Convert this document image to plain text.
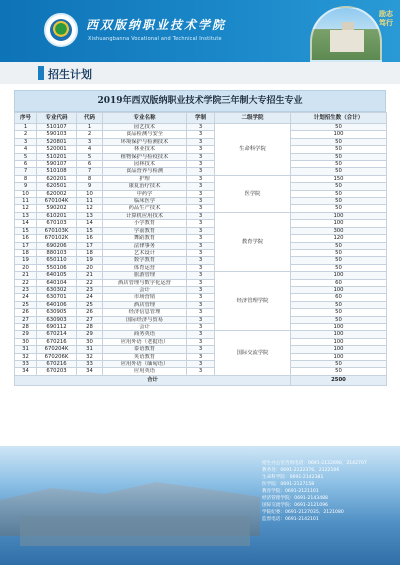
西双版纳职业技术学院
Xishuangbanna Vocational and Technical Institute
励志笃行
招生计划
2019年西双版纳职业技术学院三年制大专招生专业
序号	专业代码	代码	专业名称	学制	二级学院	计划招生数（合计）
1	510107	1	园艺技术	3	生命科学院	50
2	590103	2	食品检测与安全	3		100
3	520801	3	环境保护与检测技术	3		50
4	520001	4	林业技术	3		50
5	510201	5	植物保护与检疫技术	3		50
6	590107	6	园林技术	3		50
7	510108	7	食品营养与检测	3		50
8	620201	8	护理	3	医学院	150
9	620501	9	康复治疗技术	3		50
10	620002	10	中药学	3		50
11	670104K	11	临床医学	3		50
12	590202	12	药品生产技术	3		50
13	610201	13	计算机应用技术	3	教育学院	100
14	670103	14	小学教育	3		100
15	670103K	15	学前教育	3		300
16	670102K	16	舞蹈教育	3		120
17	690206	17	法律事务	3		50
18	880103	18	艺术设计	3		50
19	650110	19	数学教育	3		50
20	550106	20	体育运营	3		50
21	640105	21	旅游管理	3	经济管理学院	100
22	640104	22	酒店管理与数字化运营	3		60
23	630302	23	会计	3		100
24	630701	24	市场营销	3		60
25	640106	25	酒店管理	3		50
26	630905	26	经济信息管理	3		50
27	630903	27	国际经济与贸易	3		50
28	690112	28	会计	3		100
29	670214	29	商务英语	3	国际交流学院	100
30	670216	30	应用外语（老挝语）	3		100
31	670204K	31	泰语教育	3		100
32	670206K	32	英语教育	3		100
33	670216	33	应用外语（缅甸语）	3		50
34	670203	34	应用英语	3		50
合计						2500
招生办公室咨询电话：0691-2122690、2142707
教务处：0691-2122376、2122106
生命科学院：0691-2142381
医学院：0691-2127158
教育学院：0691-2121101
经济管理学院：0691-2143488
国际交流学院：0691-2121096
学院纪委：0691-2127035、2121080
监督电话：0691-2142101
